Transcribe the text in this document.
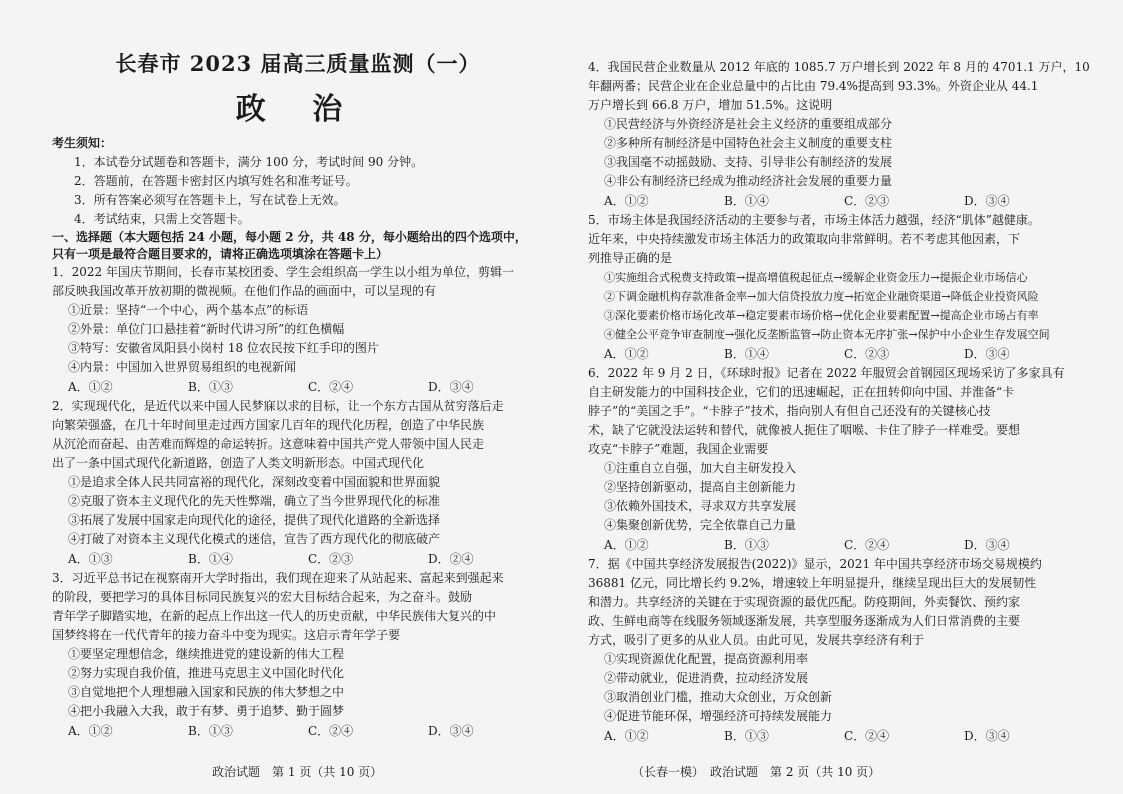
长春市 2023 届高三质量监测（一）
政 治
考生须知：
1．本试卷分试题卷和答题卡，满分 100 分，考试时间 90 分钟。
2．答题前，在答题卡密封区内填写姓名和准考证号。
3．所有答案必须写在答题卡上，写在试卷上无效。
4．考试结束，只需上交答题卡。
一、选择题（本大题包括 24 小题，每小题 2 分，共 48 分，每小题给出的四个选项中，
只有一项是最符合题目要求的，请将正确选项填涂在答题卡上）
1．2022 年国庆节期间，长春市某校团委、学生会组织高一学生以小组为单位，剪辑一
部反映我国改革开放初期的微视频。在他们作品的画面中，可以呈现的有
①近景：坚持“一个中心，两个基本点”的标语
②外景：单位门口悬挂着“新时代讲习所”的红色横幅
③特写：安徽省凤阳县小岗村 18 位农民按下红手印的图片
④内景：中国加入世界贸易组织的电视新闻
A．①②	B．①③	C．②④	D．③④
2．实现现代化，是近代以来中国人民梦寐以求的目标，让一个东方古国从贫穷落后走
向繁荣强盛，在几十年时间里走过西方国家几百年的现代化历程，创造了中华民族
从沉沦而奋起、由苦难而辉煌的命运转折。这意味着中国共产党人带领中国人民走
出了一条中国式现代化新道路，创造了人类文明新形态。中国式现代化
①是追求全体人民共同富裕的现代化，深刻改变着中国面貌和世界面貌
②克服了资本主义现代化的先天性弊端，确立了当今世界现代化的标准
③拓展了发展中国家走向现代化的途径，提供了现代化道路的全新选择
④打破了对资本主义现代化模式的迷信，宣告了西方现代化的彻底破产
A．①③	B．①④	C．②③	D．②④
3．习近平总书记在视察南开大学时指出，我们现在迎来了从站起来、富起来到强起来
的阶段，要把学习的具体目标同民族复兴的宏大目标结合起来，为之奋斗。鼓励
青年学子脚踏实地，在新的起点上作出这一代人的历史贡献，中华民族伟大复兴的中
国梦终将在一代代青年的接力奋斗中变为现实。这启示青年学子要
①要坚定理想信念，继续推进党的建设新的伟大工程
②努力实现自我价值，推进马克思主义中国化时代化
③自觉地把个人理想融入国家和民族的伟大梦想之中
④把小我融入大我，敢于有梦、勇于追梦、勤于圆梦
A．①②	B．①③	C．②④	D．③④
政治试题　第 1 页（共 10 页）
4．我国民营企业数量从 2012 年底的 1085.7 万户增长到 2022 年 8 月的 4701.1 万户，10
年翻两番；民营企业在企业总量中的占比由 79.4%提高到 93.3%。外资企业从 44.1
万户增长到 66.8 万户，增加 51.5%。这说明
①民营经济与外资经济是社会主义经济的重要组成部分
②多种所有制经济是中国特色社会主义制度的重要支柱
③我国毫不动摇鼓励、支持、引导非公有制经济的发展
④非公有制经济已经成为推动经济社会发展的重要力量
A．①②	B．①④	C．②③	D．③④
5．市场主体是我国经济活动的主要参与者，市场主体活力越强，经济“肌体”越健康。
近年来，中央持续激发市场主体活力的政策取向非常鲜明。若不考虑其他因素，下
列推导正确的是
①实施组合式税费支持政策→提高增值税起征点→缓解企业资金压力→提振企业市场信心
②下调金融机构存款准备金率→加大信贷投放力度→拓宽企业融资渠道→降低企业投资风险
③深化要素价格市场化改革→稳定要素市场价格→优化企业要素配置→提高企业市场占有率
④健全公平竞争审查制度→强化反垄断监管→防止资本无序扩张→保护中小企业生存发展空间
A．①②	B．①④	C．②③	D．③④
6．2022 年 9 月 2 日，《环球时报》记者在 2022 年服贸会首钢园区现场采访了多家具有
自主研发能力的中国科技企业，它们的迅速崛起，正在扭转仰向中国、并淮备“卡
脖子”的“美国之手”。“卡脖子”技术，指向别人有但自己还没有的关键核心技
术，缺了它就没法运转和替代，就像被人扼住了咽喉、卡住了脖子一样难受。要想
攻克“卡脖子”难题，我国企业需要
①注重自立自强，加大自主研发投入
②坚持创新驱动，提高自主创新能力
③依赖外国技术，寻求双方共享发展
④集聚创新优势，完全依靠自己力量
A．①②	B．①③	C．②④	D．③④
7．据《中国共享经济发展报告(2022)》显示，2021 年中国共享经济市场交易规模约
36881 亿元，同比增长约 9.2%，增速较上年明显提升，继续呈现出巨大的发展韧性
和潜力。共享经济的关键在于实现资源的最优匹配。防疫期间，外卖餐饮、预约家
政、生鲜电商等在线服务领域逐渐发展，共享型服务逐渐成为人们日常消费的主要
方式，吸引了更多的从业人员。由此可见，发展共享经济有利于
①实现资源优化配置，提高资源利用率
②带动就业，促进消费，拉动经济发展
③取消创业门槛，推动大众创业，万众创新
④促进节能环保，增强经济可持续发展能力
A．①②	B．①③	C．②④	D．③④
（长春一模）　政治试题　第 2 页（共 10 页）
